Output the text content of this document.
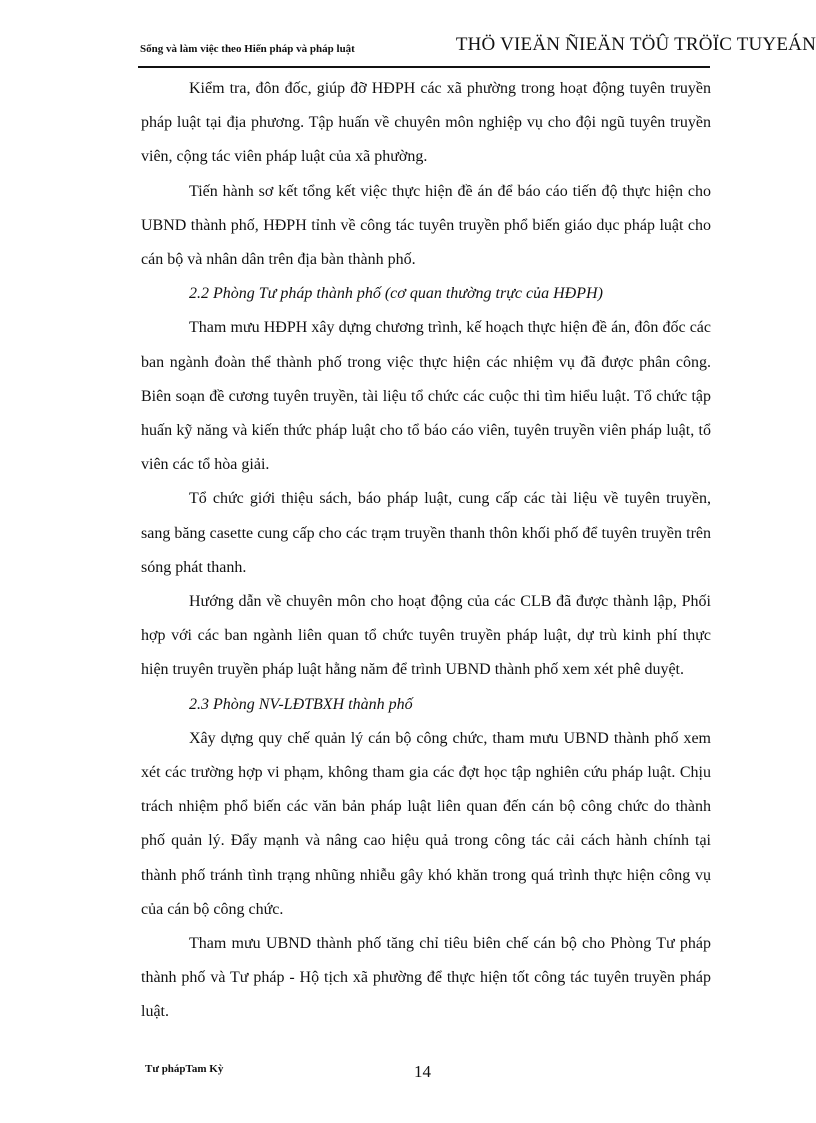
Sống và làm việc theo Hiến pháp và pháp luật	THÖ VIEÄN ÑIEÄN TÖÛ TRÖÏC TUYEÁN

Kiểm tra, đôn đốc, giúp đỡ HĐPH các xã phường trong hoạt động tuyên truyền pháp luật tại địa phương. Tập huấn về chuyên môn nghiệp vụ cho đội ngũ tuyên truyền viên, cộng tác viên pháp luật của xã phường.

Tiến hành sơ kết tổng kết việc thực hiện đề án để báo cáo tiến độ thực hiện cho UBND thành phố, HĐPH tỉnh về công tác tuyên truyền phổ biến giáo dục pháp luật cho cán bộ và nhân dân trên địa bàn thành phố.

2.2 Phòng Tư pháp thành phố (cơ quan thường trực của HĐPH)

Tham mưu HĐPH xây dựng chương trình, kế hoạch thực hiện đề án, đôn đốc các ban ngành đoàn thể thành phố trong việc thực hiện các nhiệm vụ đã được phân công. Biên soạn đề cương tuyên truyền, tài liệu tổ chức các cuộc thi tìm hiểu luật. Tổ chức tập huấn kỹ năng và kiến thức pháp luật cho tổ báo cáo viên, tuyên truyền viên pháp luật, tổ viên các tổ hòa giải.

Tổ chức giới thiệu sách, báo pháp luật, cung cấp các tài liệu về tuyên truyền, sang băng casette cung cấp cho các trạm truyền thanh thôn khối phố để tuyên truyền trên sóng phát thanh.

Hướng dẫn về chuyên môn cho hoạt động của các CLB đã được thành lập, Phối hợp với các ban ngành liên quan tổ chức tuyên truyền pháp luật, dự trù kinh phí thực hiện truyên truyền pháp luật hằng năm để trình UBND thành phố xem xét phê duyệt.

2.3 Phòng NV-LĐTBXH thành phố

Xây dựng quy chế quản lý cán bộ công chức, tham mưu UBND thành phố xem xét các trường hợp vi phạm, không tham gia các đợt học tập nghiên cứu pháp luật. Chịu trách nhiệm phổ biến các văn bản pháp luật liên quan đến cán bộ công chức do thành phố quản lý. Đẩy mạnh và nâng cao hiệu quả trong công tác cải cách hành chính tại thành phố tránh tình trạng nhũng nhiễu gây khó khăn trong quá trình thực hiện công vụ của cán bộ công chức.

Tham mưu UBND thành phố tăng chỉ tiêu biên chế cán bộ cho Phòng Tư pháp thành phố và Tư pháp - Hộ tịch xã phường để thực hiện tốt công tác tuyên truyền pháp luật.

Tư phápTam Kỳ	14
